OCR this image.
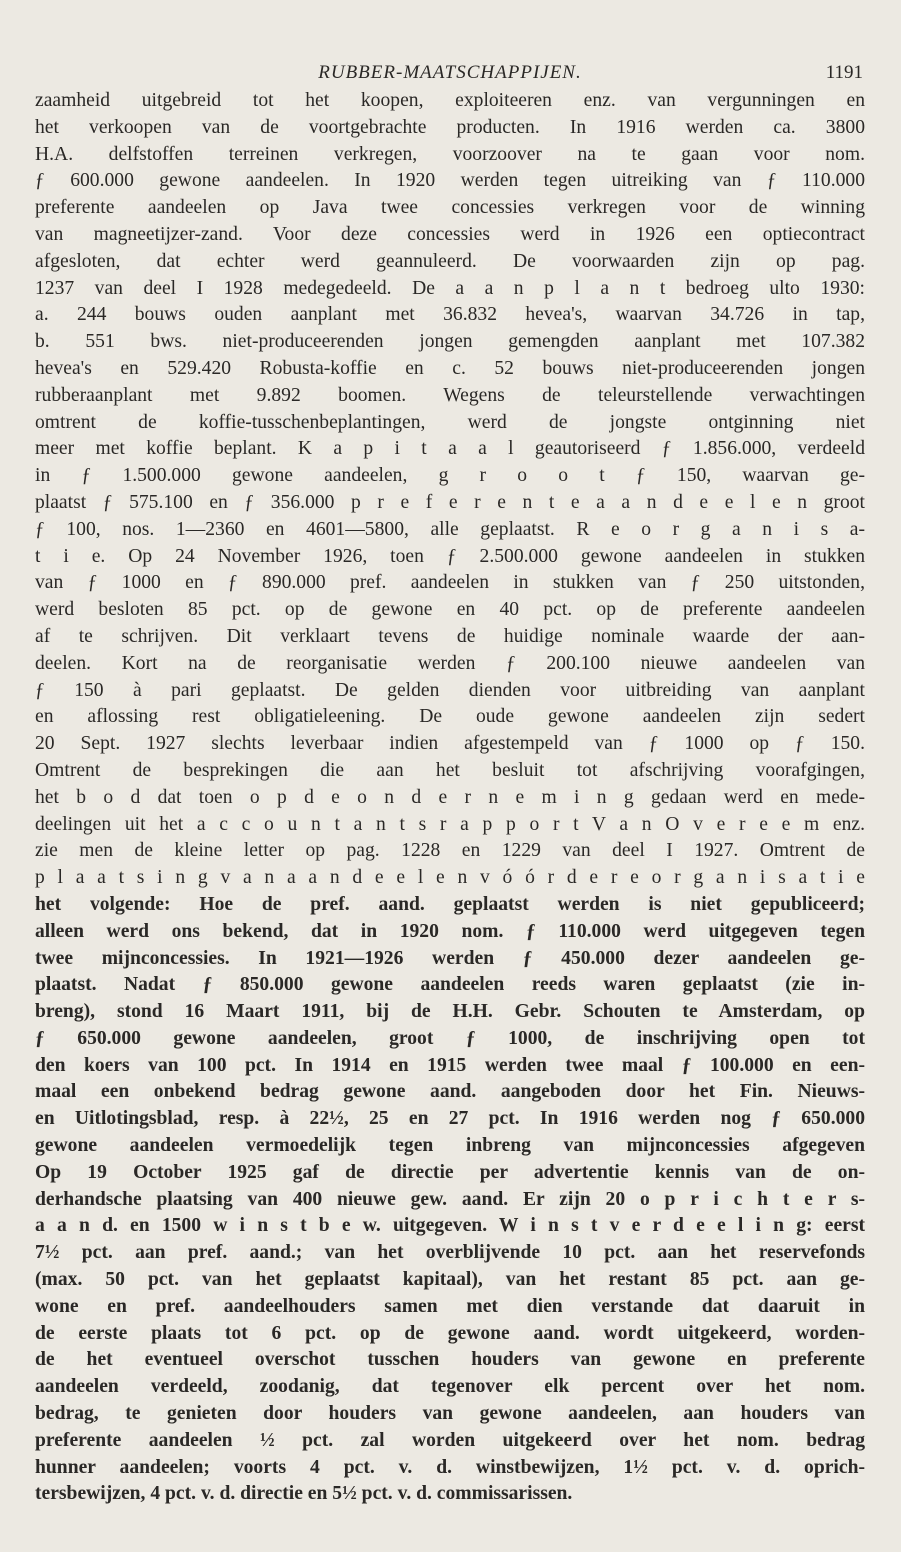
RUBBER-MAATSCHAPPIJEN.	1191
zaamheid uitgebreid tot het koopen, exploiteeren enz. van vergunningen en
het verkoopen van de voortgebrachte producten. In 1916 werden ca. 3800
H.A. delfstoffen terreinen verkregen, voorzoover na te gaan voor nom.
ƒ 600.000 gewone aandeelen. In 1920 werden tegen uitreiking van ƒ 110.000
preferente aandeelen op Java twee concessies verkregen voor de winning
van magneetijzer-zand. Voor deze concessies werd in 1926 een optiecontract
afgesloten, dat echter werd geannuleerd. De voorwaarden zijn op pag.
1237 van deel I 1928 medegedeeld. De a a n p l a n t bedroeg ulto 1930:
a. 244 bouws ouden aanplant met 36.832 hevea's, waarvan 34.726 in tap,
b. 551 bws. niet-produceerenden jongen gemengden aanplant met 107.382
hevea's en 529.420 Robusta-koffie en c. 52 bouws niet-produceerenden jongen
rubberaanplant met 9.892 boomen. Wegens de teleurstellende verwachtingen
omtrent de koffie-tusschenbeplantingen, werd de jongste ontginning niet
meer met koffie beplant. K a p i t a a l geautoriseerd ƒ 1.856.000, verdeeld
in ƒ 1.500.000 gewone aandeelen, g r o o t ƒ 150, waarvan ge-
plaatst ƒ 575.100 en ƒ 356.000 p r e f e r e n t e a a n d e e l e n groot
ƒ 100, nos. 1—2360 en 4601—5800, alle geplaatst. R e o r g a n i s a-
t i e. Op 24 November 1926, toen ƒ 2.500.000 gewone aandeelen in stukken
van ƒ 1000 en ƒ 890.000 pref. aandeelen in stukken van ƒ 250 uitstonden,
werd besloten 85 pct. op de gewone en 40 pct. op de preferente aandeelen
af te schrijven. Dit verklaart tevens de huidige nominale waarde der aan-
deelen. Kort na de reorganisatie werden ƒ 200.100 nieuwe aandeelen van
ƒ 150 à pari geplaatst. De gelden dienden voor uitbreiding van aanplant
en aflossing rest obligatieleening. De oude gewone aandeelen zijn sedert
20 Sept. 1927 slechts leverbaar indien afgestempeld van ƒ 1000 op ƒ 150.
Omtrent de besprekingen die aan het besluit tot afschrijving voorafgingen,
het b o d dat toen o p d e o n d e r n e m i n g gedaan werd en mede-
deelingen uit het a c c o u n t a n t s r a p p o r t V a n O v e r e e m enz.
zie men de kleine letter op pag. 1228 en 1229 van deel I 1927. Omtrent de
p l a a t s i n g v a n a a n d e e l e n v ó ó r d e r e o r g a n i s a t i e
het volgende: Hoe de pref. aand. geplaatst werden is niet gepubliceerd;
alleen werd ons bekend, dat in 1920 nom. ƒ 110.000 werd uitgegeven tegen
twee mijnconcessies. In 1921—1926 werden ƒ 450.000 dezer aandeelen ge-
plaatst. Nadat ƒ 850.000 gewone aandeelen reeds waren geplaatst (zie in-
breng), stond 16 Maart 1911, bij de H.H. Gebr. Schouten te Amsterdam, op
ƒ 650.000 gewone aandeelen, groot ƒ 1000, de inschrijving open tot
den koers van 100 pct. In 1914 en 1915 werden twee maal ƒ 100.000 en een-
maal een onbekend bedrag gewone aand. aangeboden door het Fin. Nieuws-
en Uitlotingsblad, resp. à 22½, 25 en 27 pct. In 1916 werden nog ƒ 650.000
gewone aandeelen vermoedelijk tegen inbreng van mijnconcessies afgegeven
Op 19 October 1925 gaf de directie per advertentie kennis van de on-
derhandsche plaatsing van 400 nieuwe gew. aand. Er zijn 20 o p r i c h t e r s-
a a n d. en 1500 w i n s t b e w. uitgegeven. W i n s t v e r d e e l i n g: eerst
7½ pct. aan pref. aand.; van het overblijvende 10 pct. aan het reservefonds
(max. 50 pct. van het geplaatst kapitaal), van het restant 85 pct. aan ge-
wone en pref. aandeelhouders samen met dien verstande dat daaruit in
de eerste plaats tot 6 pct. op de gewone aand. wordt uitgekeerd, worden-
de het eventueel overschot tusschen houders van gewone en preferente
aandeelen verdeeld, zoodanig, dat tegenover elk percent over het nom.
bedrag, te genieten door houders van gewone aandeelen, aan houders van
preferente aandeelen ½ pct. zal worden uitgekeerd over het nom. bedrag
hunner aandeelen; voorts 4 pct. v. d. winstbewijzen, 1½ pct. v. d. oprich-
tersbewijzen, 4 pct. v. d. directie en 5½ pct. v. d. commissarissen.
